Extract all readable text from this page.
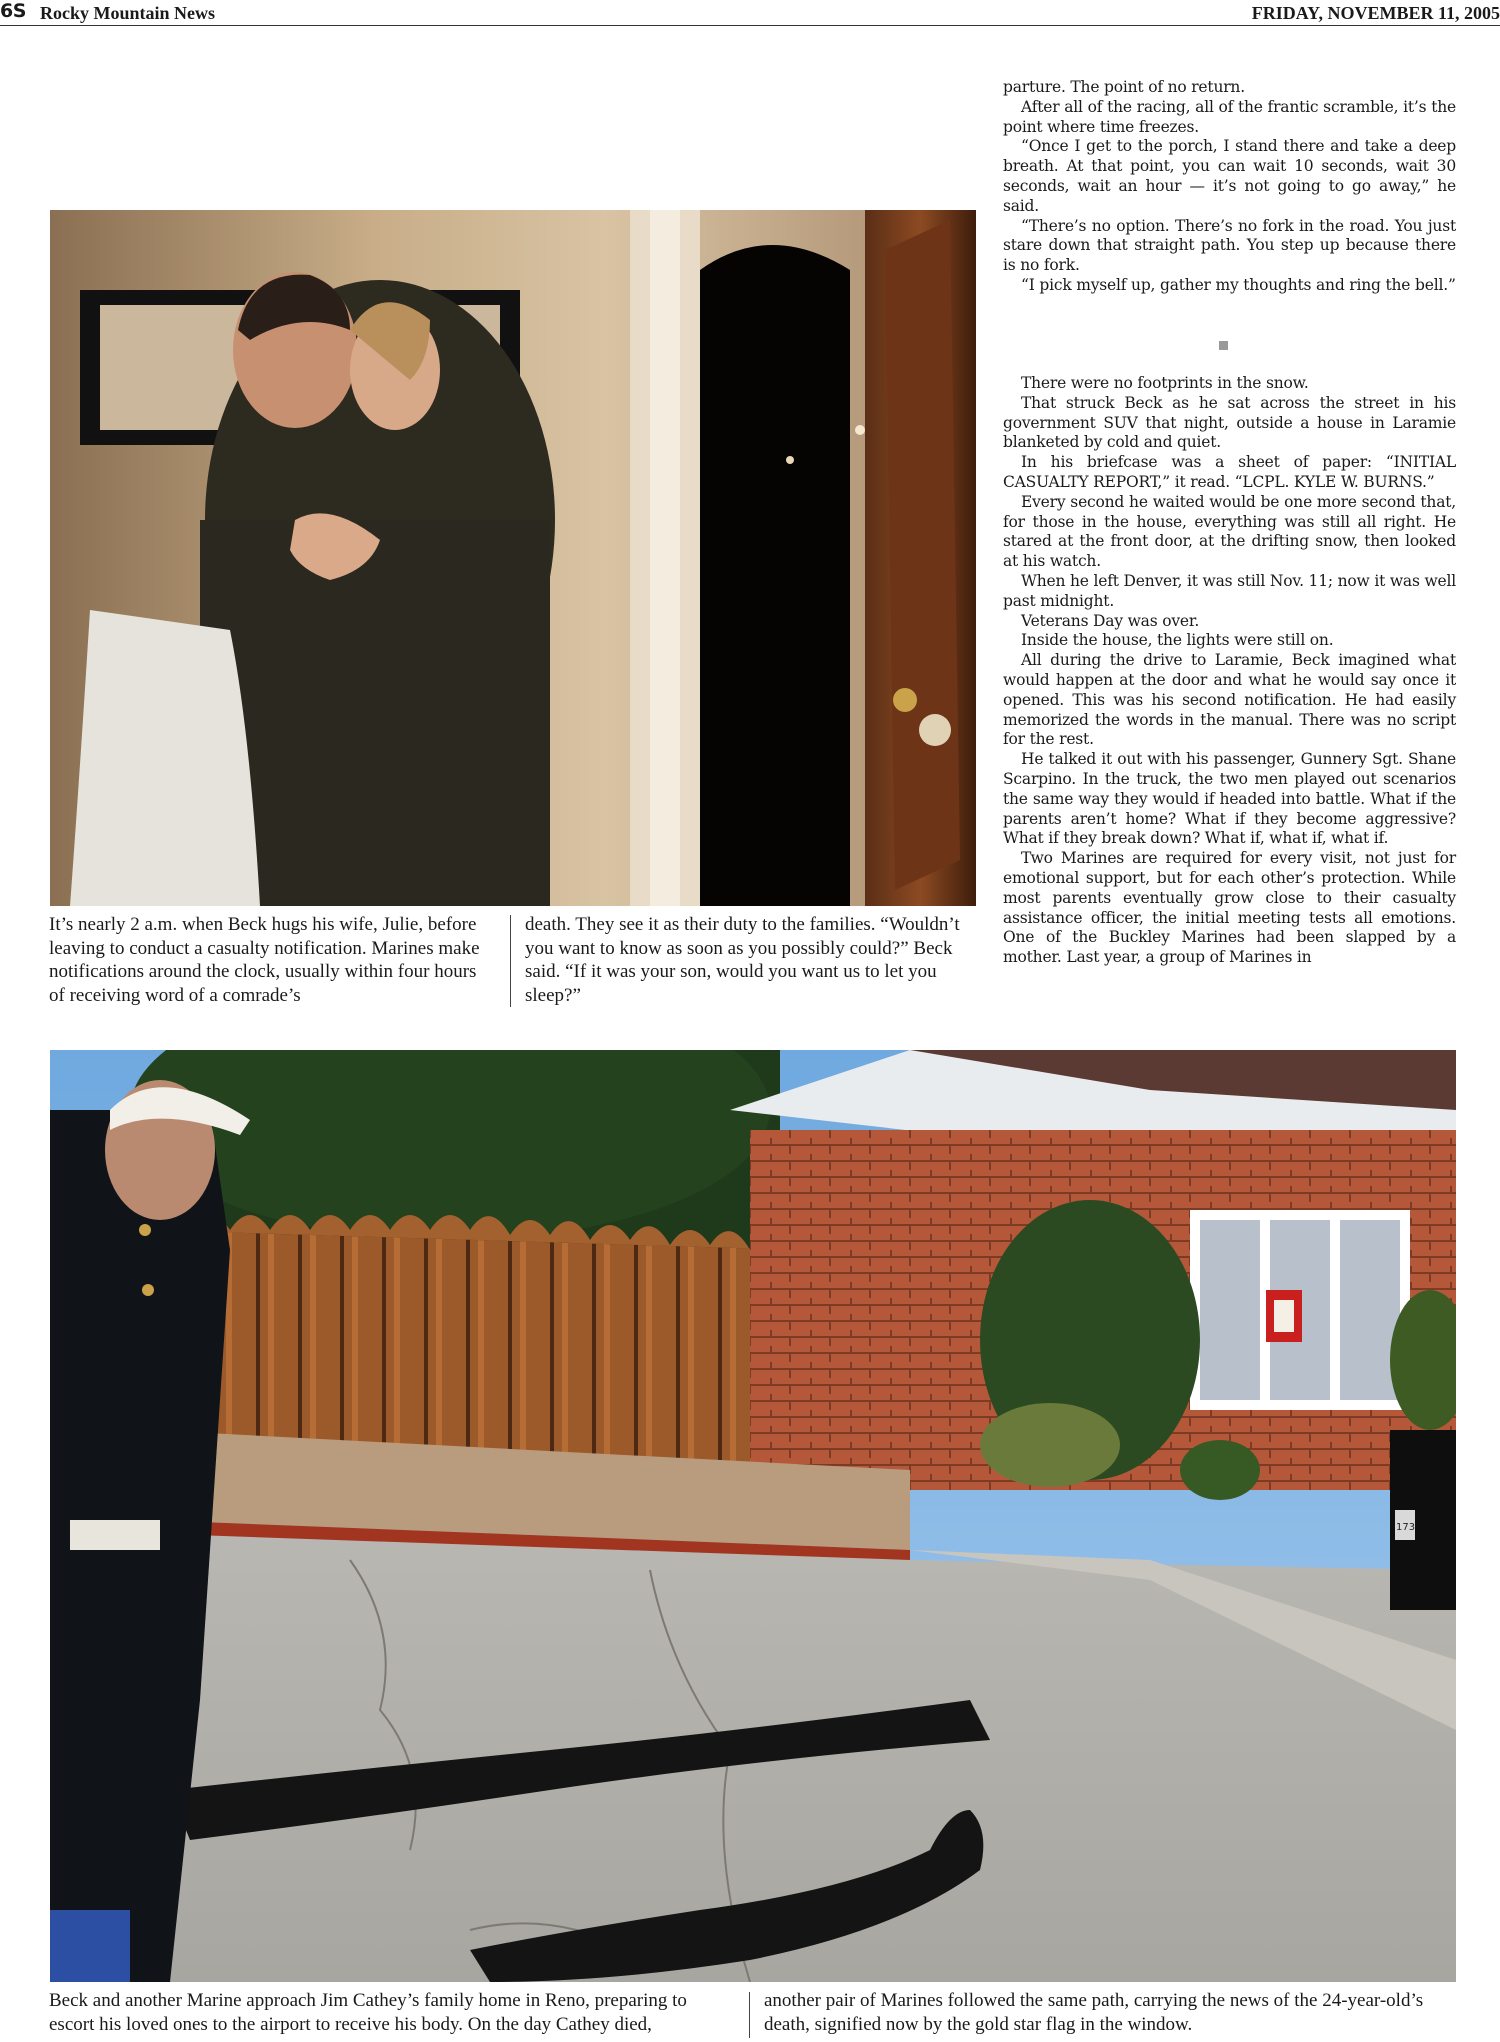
6S Rocky Mountain News	FRIDAY, NOVEMBER 11, 2005

parture. The point of no return.

After all of the racing, all of the frantic scramble, it’s the point where time freezes.

“Once I get to the porch, I stand there and take a deep breath. At that point, you can wait 10 seconds, wait 30 seconds, wait an hour — it’s not going to go away,” he said.

“There’s no option. There’s no fork in the road. You just stare down that straight path. You step up because there is no fork.

“I pick myself up, gather my thoughts and ring the bell.”

There were no footprints in the snow.

That struck Beck as he sat across the street in his government SUV that night, outside a house in Laramie blanketed by cold and quiet.

In his briefcase was a sheet of paper: “INITIAL CASUALTY REPORT,” it read. “LCPL. KYLE W. BURNS.”

Every second he waited would be one more second that, for those in the house, everything was still all right. He stared at the front door, at the drifting snow, then looked at his watch.

When he left Denver, it was still Nov. 11; now it was well past midnight.

Veterans Day was over.

Inside the house, the lights were still on.

All during the drive to Laramie, Beck imagined what would happen at the door and what he would say once it opened. This was his second notification. He had easily memorized the words in the manual. There was no script for the rest.

He talked it out with his passenger, Gunnery Sgt. Shane Scarpino. In the truck, the two men played out scenarios the same way they would if headed into battle. What if the parents aren’t home? What if they become aggressive? What if they break down? What if, what if, what if.

Two Marines are required for every visit, not just for emotional support, but for each other’s protection. While most parents eventually grow close to their casualty assistance officer, the initial meeting tests all emotions. One of the Buckley Marines had been slapped by a mother. Last year, a group of Marines in

It’s nearly 2 a.m. when Beck hugs his wife, Julie, before leaving to conduct a casualty notification. Marines make notifications around the clock, usually within four hours of receiving word of a comrade’s
death. They see it as their duty to the families. “Wouldn’t you want to know as soon as you possibly could?” Beck said. “If it was your son, would you want us to let you sleep?”
173
Beck and another Marine approach Jim Cathey’s family home in Reno, preparing to escort his loved ones to the airport to receive his body. On the day Cathey died,
another pair of Marines followed the same path, carrying the news of the 24-year-old’s death, signified now by the gold star flag in the window.
